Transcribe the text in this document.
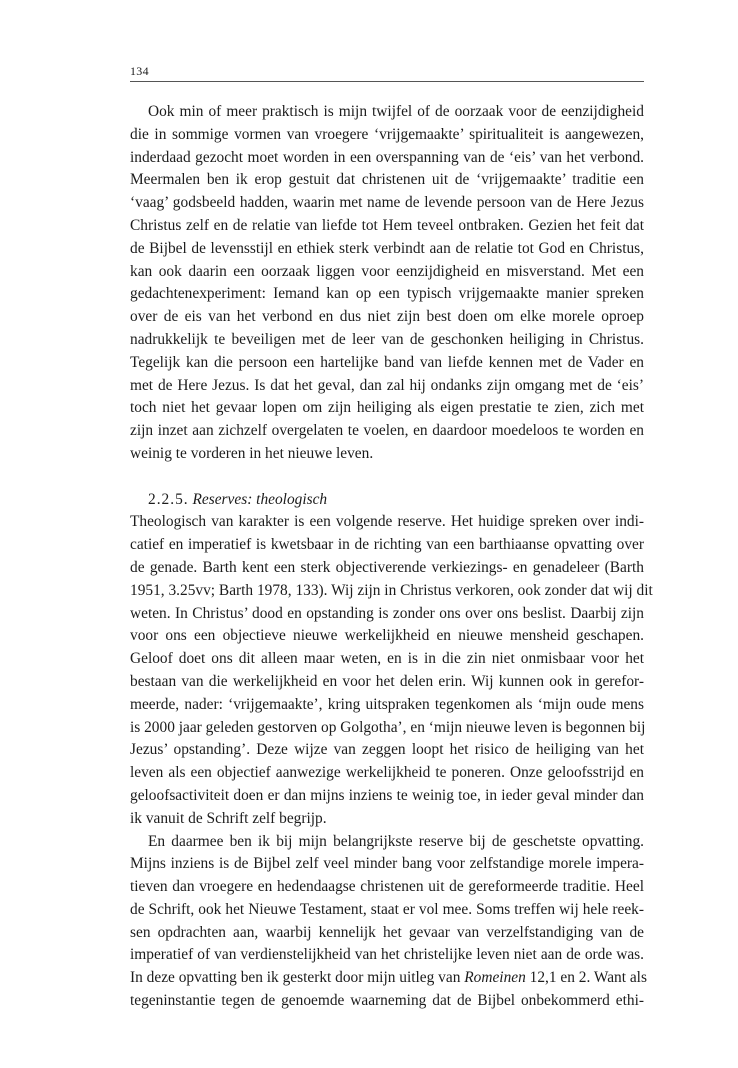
134

Ook min of meer praktisch is mijn twijfel of de oorzaak voor de eenzijdigheid
die in sommige vormen van vroegere ‘vrijgemaakte’ spiritualiteit is aangewezen,
inderdaad gezocht moet worden in een overspanning van de ‘eis’ van het verbond.
Meermalen ben ik erop gestuit dat christenen uit de ‘vrijgemaakte’ traditie een
‘vaag’ godsbeeld hadden, waarin met name de levende persoon van de Here Jezus
Christus zelf en de relatie van liefde tot Hem teveel ontbraken. Gezien het feit dat
de Bijbel de levensstijl en ethiek sterk verbindt aan de relatie tot God en Christus,
kan ook daarin een oorzaak liggen voor eenzijdigheid en misverstand. Met een
gedachtenexperiment: Iemand kan op een typisch vrijgemaakte manier spreken
over de eis van het verbond en dus niet zijn best doen om elke morele oproep
nadrukkelijk te beveiligen met de leer van de geschonken heiliging in Christus.
Tegelijk kan die persoon een hartelijke band van liefde kennen met de Vader en
met de Here Jezus. Is dat het geval, dan zal hij ondanks zijn omgang met de ‘eis’
toch niet het gevaar lopen om zijn heiliging als eigen prestatie te zien, zich met
zijn inzet aan zichzelf overgelaten te voelen, en daardoor moedeloos te worden en
weinig te vorderen in het nieuwe leven.

2.2.5. Reserves: theologisch

Theologisch van karakter is een volgende reserve. Het huidige spreken over indi-
catief en imperatief is kwetsbaar in de richting van een barthiaanse opvatting over
de genade. Barth kent een sterk objectiverende verkiezings- en genadeleer (Barth
1951, 3.25vv; Barth 1978, 133). Wij zijn in Christus verkoren, ook zonder dat wij dit
weten. In Christus’ dood en opstanding is zonder ons over ons beslist. Daarbij zijn
voor ons een objectieve nieuwe werkelijkheid en nieuwe mensheid geschapen.
Geloof doet ons dit alleen maar weten, en is in die zin niet onmisbaar voor het
bestaan van die werkelijkheid en voor het delen erin. Wij kunnen ook in gerefor-
meerde, nader: ‘vrijgemaakte’, kring uitspraken tegenkomen als ‘mijn oude mens
is 2000 jaar geleden gestorven op Golgotha’, en ‘mijn nieuwe leven is begonnen bij
Jezus’ opstanding’. Deze wijze van zeggen loopt het risico de heiliging van het
leven als een objectief aanwezige werkelijkheid te poneren. Onze geloofsstrijd en
geloofsactiviteit doen er dan mijns inziens te weinig toe, in ieder geval minder dan
ik vanuit de Schrift zelf begrijp.

En daarmee ben ik bij mijn belangrijkste reserve bij de geschetste opvatting.
Mijns inziens is de Bijbel zelf veel minder bang voor zelfstandige morele impera-
tieven dan vroegere en hedendaagse christenen uit de gereformeerde traditie. Heel
de Schrift, ook het Nieuwe Testament, staat er vol mee. Soms treffen wij hele reek-
sen opdrachten aan, waarbij kennelijk het gevaar van verzelfstandiging van de
imperatief of van verdienstelijkheid van het christelijke leven niet aan de orde was.
In deze opvatting ben ik gesterkt door mijn uitleg van Romeinen 12,1 en 2. Want als
tegeninstantie tegen de genoemde waarneming dat de Bijbel onbekommerd ethi-
